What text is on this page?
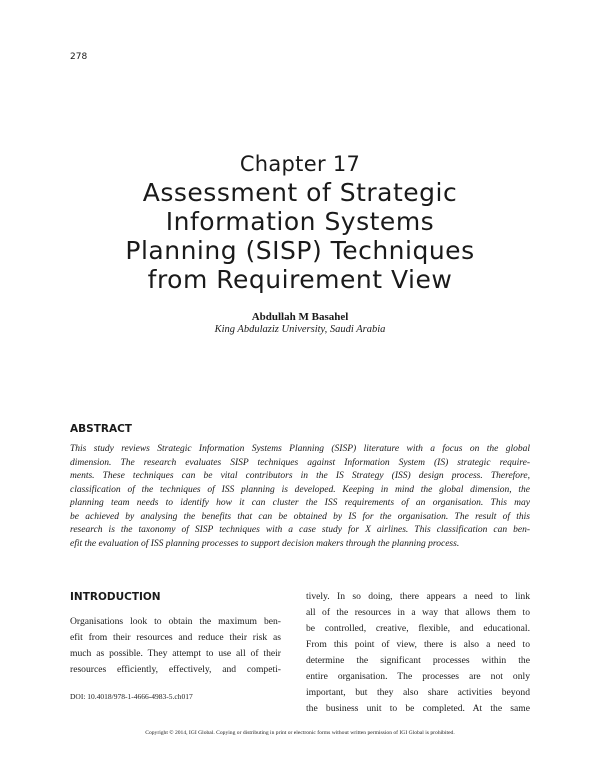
278
Chapter 17
Assessment of Strategic
Information Systems
Planning (SISP) Techniques
from Requirement View
Abdullah M Basahel
King Abdulaziz University, Saudi Arabia
ABSTRACT
This study reviews Strategic Information Systems Planning (SISP) literature with a focus on the global
dimension. The research evaluates SISP techniques against Information System (IS) strategic require-
ments. These techniques can be vital contributors in the IS Strategy (ISS) design process. Therefore,
classification of the techniques of ISS planning is developed. Keeping in mind the global dimension, the
planning team needs to identify how it can cluster the ISS requirements of an organisation. This may
be achieved by analysing the benefits that can be obtained by IS for the organisation. The result of this
research is the taxonomy of SISP techniques with a case study for X airlines. This classification can ben-
efit the evaluation of ISS planning processes to support decision makers through the planning process.
INTRODUCTION
Organisations look to obtain the maximum ben-
efit from their resources and reduce their risk as
much as possible. They attempt to use all of their
resources efficiently, effectively, and competi-
tively. In so doing, there appears a need to link
all of the resources in a way that allows them to
be controlled, creative, flexible, and educational.
From this point of view, there is also a need to
determine the significant processes within the
entire organisation. The processes are not only
important, but they also share activities beyond
the business unit to be completed. At the same
DOI: 10.4018/978-1-4666-4983-5.ch017
Copyright © 2014, IGI Global. Copying or distributing in print or electronic forms without written permission of IGI Global is prohibited.
